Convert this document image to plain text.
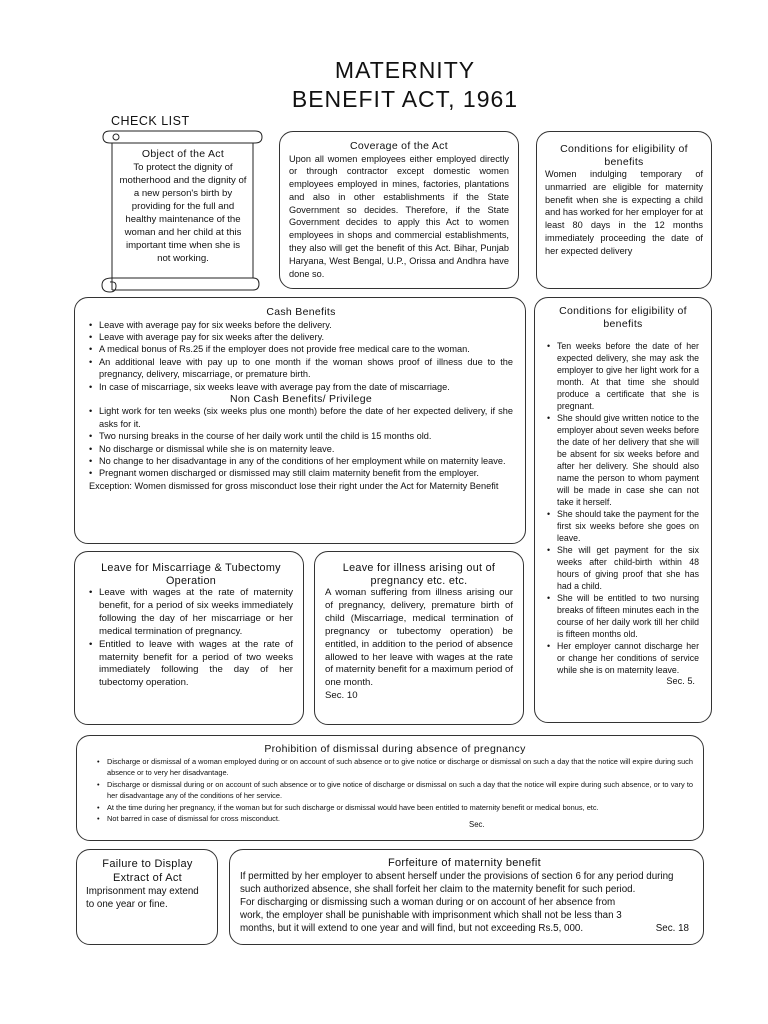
MATERNITY
BENEFIT ACT, 1961
CHECK LIST
Object of the Act
To protect the dignity of motherhood and the dignity of a new person's birth by providing for the full and healthy maintenance of the woman and her child at this important time when she is not working.
Coverage of the Act
Upon all women employees either employed directly or through contractor except domestic women employees employed in mines, factories, plantations and also in other establishments if the State Government so decides. Therefore, if the State Government decides to apply this Act to women employees in shops and commercial establishments, they also will get the benefit of this Act. Bihar, Punjab Haryana, West Bengal, U.P., Orissa and Andhra have done so.
Conditions for eligibility of benefits
Women indulging temporary of unmarried are eligible for maternity benefit when she is expecting a child and has worked for her employer for at least 80 days in the 12 months immediately proceeding the date of her expected delivery
Cash Benefits
• Leave with average pay for six weeks before the delivery.
• Leave with average pay for six weeks after the delivery.
• A medical bonus of Rs.25 if the employer does not provide free medical care to the woman.
• An additional leave with pay up to one month if the woman shows proof of illness due to the pregnancy, delivery, miscarriage, or premature birth.
• In case of miscarriage, six weeks leave with average pay from the date of miscarriage.
Non Cash Benefits/ Privilege
• Light work for ten weeks (six weeks plus one month) before the date of her expected delivery, if she asks for it.
• Two nursing breaks in the course of her daily work until the child is 15 months old.
• No discharge or dismissal while she is on maternity leave.
• No change to her disadvantage in any of the conditions of her employment while on maternity leave.
• Pregnant women discharged or dismissed may still claim maternity benefit from the employer.
Exception: Women dismissed for gross misconduct lose their right under the Act for Maternity Benefit
Conditions for eligibility of benefits
• Ten weeks before the date of her expected delivery, she may ask the employer to give her light work for a month. At that time she should produce a certificate that she is pregnant.
• She should give written notice to the employer about seven weeks before the date of her delivery that she will be absent for six weeks before and after her delivery. She should also name the person to whom payment will be made in case she can not take it herself.
• She should take the payment for the first six weeks before she goes on leave.
• She will get payment for the six weeks after child-birth within 48 hours of giving proof that she has had a child.
• She will be entitled to two nursing breaks of fifteen minutes each in the course of her daily work till her child is fifteen months old.
• Her employer cannot discharge her or change her conditions of service while she is on maternity leave.
Sec. 5.
Leave for Miscarriage & Tubectomy Operation
• Leave with wages at the rate of maternity benefit, for a period of six weeks immediately following the day of her miscarriage or her medical termination of pregnancy.
• Entitled to leave with wages at the rate of maternity benefit for a period of two weeks immediately following the day of her tubectomy operation.
Leave for illness arising out of pregnancy etc. etc.
A woman suffering from illness arising our of pregnancy, delivery, premature birth of child (Miscarriage, medical termination of pregnancy or tubectomy operation) be entitled, in addition to the period of absence allowed to her leave with wages at the rate of maternity benefit for a maximum period of one month.
Sec. 10
Prohibition of dismissal during absence of pregnancy
• Discharge or dismissal of a woman employed during or on account of such absence or to give notice or discharge or dismissal on such a day that the notice will expire during such absence or to very her disadvantage.
• Discharge or dismissal during or on account of such absence or to give notice of discharge or dismissal on such a day that the notice will expire during such absence, or to vary to her disadvantage any of the conditions of her service.
• At the time during her pregnancy, if the woman but for such discharge or dismissal would have been entitled to maternity benefit or medical bonus, etc.
• Not barred in case of dismissal for cross misconduct.
Sec.
Failure to Display Extract of Act
Imprisonment may extend to one year or fine.
Forfeiture of maternity benefit
If permitted by her employer to absent herself under the provisions of section 6 for any period during such authorized absence, she shall forfeit her claim to the maternity benefit for such period.
For discharging or dismissing such a woman during or on account of her absence from work, the employer shall be punishable with imprisonment which shall not be less than 3 months, but it will extend to one year and will find, but not exceeding Rs.5, 000.	Sec. 18
